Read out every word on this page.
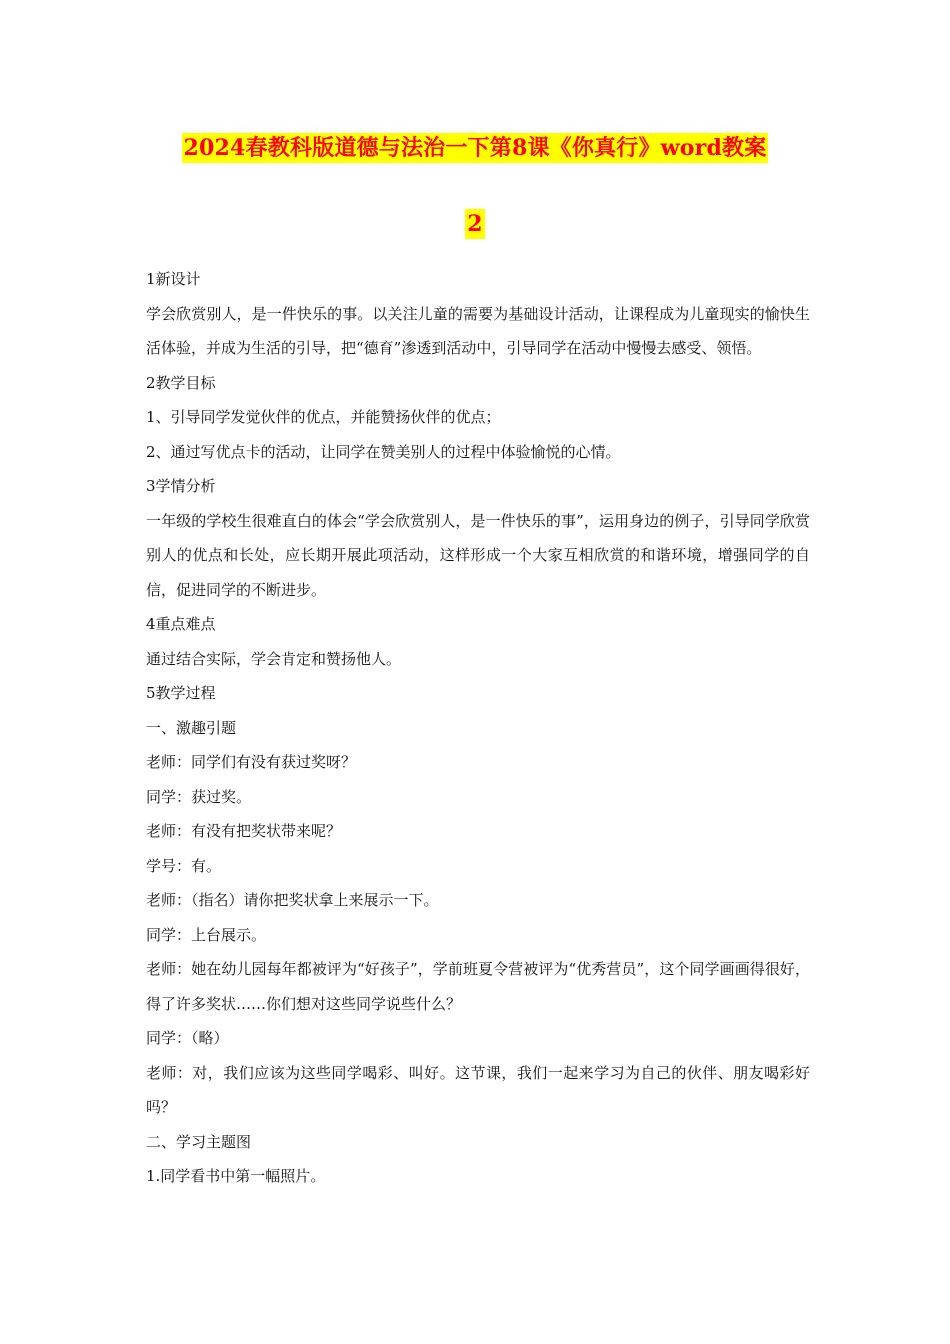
2024春教科版道德与法治一下第8课《你真行》word教案
2

1新设计

学会欣赏别人，是一件快乐的事。以关注儿童的需要为基础设计活动，让课程成为儿童现实的愉快生活体验，并成为生活的引导，把“德育”渗透到活动中，引导同学在活动中慢慢去感受、领悟。

2教学目标

1、引导同学发觉伙伴的优点，并能赞扬伙伴的优点；

2、通过写优点卡的活动，让同学在赞美别人的过程中体验愉悦的心情。

3学情分析

一年级的学校生很难直白的体会“学会欣赏别人，是一件快乐的事”，运用身边的例子，引导同学欣赏别人的优点和长处，应长期开展此项活动，这样形成一个大家互相欣赏的和谐环境，增强同学的自信，促进同学的不断进步。

4重点难点

通过结合实际，学会肯定和赞扬他人。

5教学过程

一、激趣引题

老师：同学们有没有获过奖呀？

同学：获过奖。

老师：有没有把奖状带来呢？

学号：有。

老师：（指名）请你把奖状拿上来展示一下。

同学：上台展示。

老师：她在幼儿园每年都被评为“好孩子”，学前班夏令营被评为“优秀营员”，这个同学画画得很好，得了许多奖状……你们想对这些同学说些什么？

同学：（略）

老师：对，我们应该为这些同学喝彩、叫好。这节课，我们一起来学习为自己的伙伴、朋友喝彩好吗？

二、学习主题图

1.同学看书中第一幅照片。
